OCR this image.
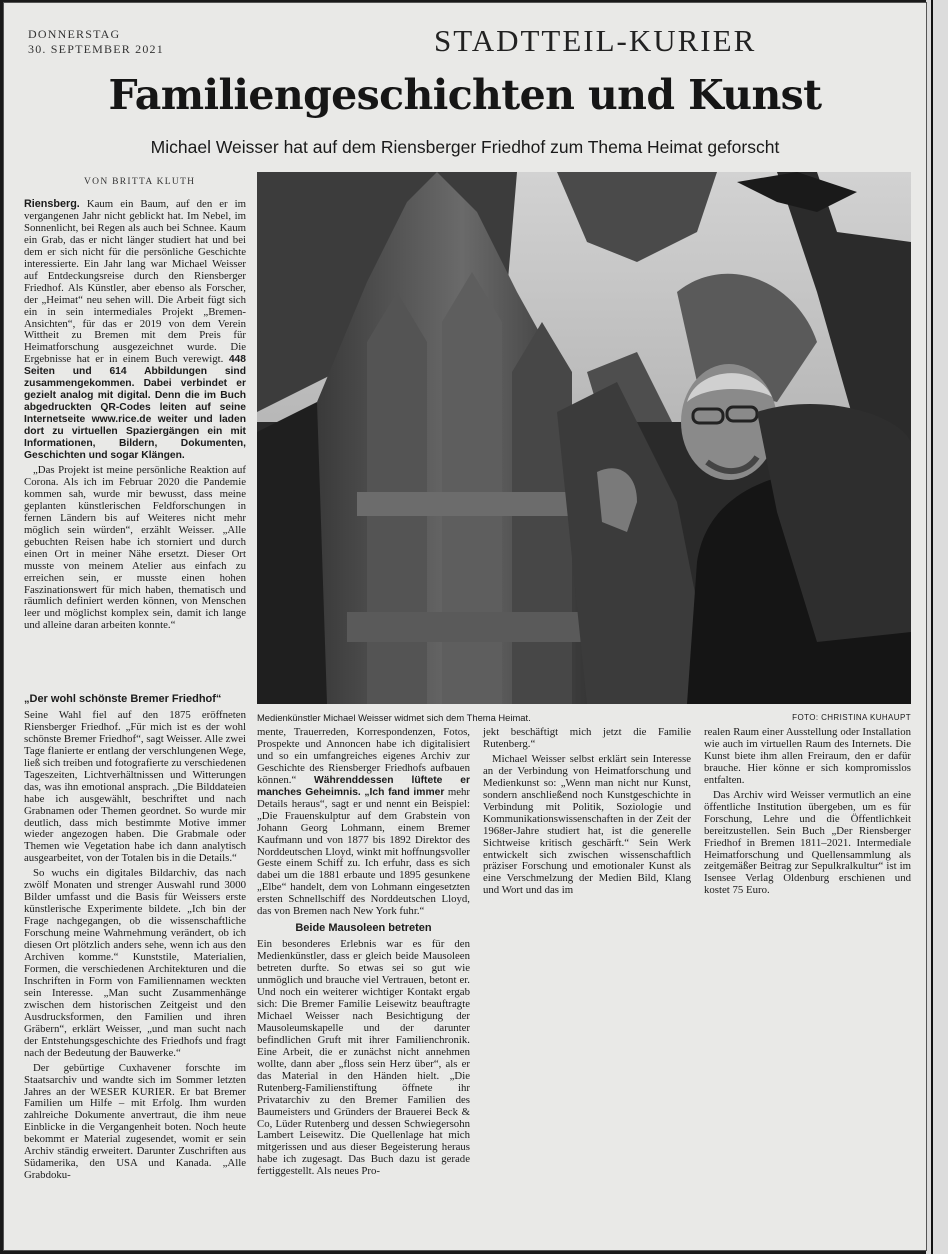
DONNERSTAG
30. SEPTEMBER 2021	STADTTEIL-KURIER
Familiengeschichten und Kunst
Michael Weisser hat auf dem Riensberger Friedhof zum Thema Heimat geforscht
VON BRITTA KLUTH

Riensberg. Kaum ein Baum, auf den er im vergangenen Jahr nicht geblickt hat. Im Nebel, im Sonnenlicht, bei Regen als auch bei Schnee. Kaum ein Grab, das er nicht länger studiert hat und bei dem er sich nicht für die persönliche Geschichte interessierte. Ein Jahr lang war Michael Weisser auf Entdeckungsreise durch den Riensberger Friedhof. Als Künstler, aber ebenso als Forscher, der „Heimat“ neu sehen will. Die Arbeit fügt sich ein in sein intermediales Projekt „Bremen-Ansichten“, für das er 2019 von dem Verein Wittheit zu Bremen mit dem Preis für Heimatforschung ausgezeichnet wurde. Die Ergebnisse hat er in einem Buch verewigt. 448 Seiten und 614 Abbildungen sind zusammengekommen. Dabei verbindet er gezielt analog mit digital. Denn die im Buch abgedruckten QR-Codes leiten auf seine Internetseite www.rice.de weiter und laden dort zu virtuellen Spaziergängen ein mit Informationen, Bildern, Dokumenten, Geschichten und sogar Klängen.

„Das Projekt ist meine persönliche Reaktion auf Corona. Als ich im Februar 2020 die Pandemie kommen sah, wurde mir bewusst, dass meine geplanten künstlerischen Feldforschungen in fernen Ländern bis auf Weiteres nicht mehr möglich sein würden“, erzählt Weisser. „Alle gebuchten Reisen habe ich storniert und durch einen Ort in meiner Nähe ersetzt. Dieser Ort musste von meinem Atelier aus einfach zu erreichen sein, er musste einen hohen Faszinationswert für mich haben, thematisch und räumlich definiert werden können, von Menschen leer und möglichst komplex sein, damit ich lange und alleine daran arbeiten konnte.“

„Der wohl schönste Bremer Friedhof“

Seine Wahl fiel auf den 1875 eröffneten Riensberger Friedhof. „Für mich ist es der wohl schönste Bremer Friedhof“, sagt Weisser. Alle zwei Tage flanierte er entlang der verschlungenen Wege, ließ sich treiben und fotografierte zu verschiedenen Tageszeiten, Lichtverhältnissen und Witterungen das, was ihn emotional ansprach. „Die Bilddateien habe ich ausgewählt, beschriftet und nach Grabnamen oder Themen geordnet. So wurde mir deutlich, dass mich bestimmte Motive immer wieder angezogen haben. Die Grabmale oder Themen wie Vegetation habe ich dann analytisch ausgearbeitet, von der Totalen bis in die Details.“

So wuchs ein digitales Bildarchiv, das nach zwölf Monaten und strenger Auswahl rund 3000 Bilder umfasst und die Basis für Weissers erste künstlerische Experimente bildete. „Ich bin der Frage nachgegangen, ob die wissenschaftliche Forschung meine Wahrnehmung verändert, ob ich diesen Ort plötzlich anders sehe, wenn ich aus den Archiven komme.“ Kunststile, Materialien, Formen, die verschiedenen Architekturen und die Inschriften in Form von Familiennamen weckten sein Interesse. „Man sucht Zusammenhänge zwischen dem historischen Zeitgeist und den Ausdrucksformen, den Familien und ihren Gräbern“, erklärt Weisser, „und man sucht nach der Entstehungsgeschichte des Friedhofs und fragt nach der Bedeutung der Bauwerke.“

Der gebürtige Cuxhavener forschte im Staatsarchiv und wandte sich im Sommer letzten Jahres an der WESER KURIER. Er bat Bremer Familien um Hilfe – mit Erfolg. Ihm wurden zahlreiche Dokumente anvertraut, die ihm neue Einblicke in die Vergangenheit boten. Noch heute bekommt er Material zugesendet, womit er sein Archiv ständig erweitert. Darunter Zuschriften aus Südamerika, den USA und Kanada. „Alle Grabdoku-

Medienkünstler Michael Weisser widmet sich dem Thema Heimat.	FOTO: CHRISTINA KUHAUPT

mente, Trauerreden, Korrespondenzen, Fotos, Prospekte und Annoncen habe ich digitalisiert und so ein umfangreiches eigenes Archiv zur Geschichte des Riensberger Friedhofs aufbauen können.“ Währenddessen lüftete er manches Geheimnis. „Ich fand immer mehr Details heraus“, sagt er und nennt ein Beispiel: „Die Frauenskulptur auf dem Grabstein von Johann Georg Lohmann, einem Bremer Kaufmann und von 1877 bis 1892 Direktor des Norddeutschen Lloyd, winkt mit hoffnungsvoller Geste einem Schiff zu. Ich erfuhr, dass es sich dabei um die 1881 erbaute und 1895 gesunkene „Elbe“ handelt, dem von Lohmann eingesetzten ersten Schnellschiff des Norddeutschen Lloyd, das von Bremen nach New York fuhr.“

Beide Mausoleen betreten

Ein besonderes Erlebnis war es für den Medienkünstler, dass er gleich beide Mausoleen betreten durfte. So etwas sei so gut wie unmöglich und brauche viel Vertrauen, betont er. Und noch ein weiterer wichtiger Kontakt ergab sich: Die Bremer Familie Leisewitz beauftragte Michael Weisser nach Besichtigung der Mausoleumskapelle und der darunter befindlichen Gruft mit ihrer Familienchronik. Eine Arbeit, die er zunächst nicht annehmen wollte, dann aber „floss sein Herz über“, als er das Material in den Händen hielt. „Die Rutenberg-Familienstiftung öffnete ihr Privatarchiv zu den Bremer Familien des Baumeisters und Gründers der Brauerei Beck & Co, Lüder Rutenberg und dessen Schwiegersohn Lambert Leisewitz. Die Quellenlage hat mich mitgerissen und aus dieser Begeisterung heraus habe ich zugesagt. Das Buch dazu ist gerade fertiggestellt. Als neues Pro-

jekt beschäftigt mich jetzt die Familie Rutenberg.“

Michael Weisser selbst erklärt sein Interesse an der Verbindung von Heimatforschung und Medienkunst so: „Wenn man nicht nur Kunst, sondern anschließend noch Kunstgeschichte in Verbindung mit Politik, Soziologie und Kommunikationswissenschaften in der Zeit der 1968er-Jahre studiert hat, ist die generelle Sichtweise kritisch geschärft.“ Sein Werk entwickelt sich zwischen wissenschaftlich präziser Forschung und emotionaler Kunst als eine Verschmelzung der Medien Bild, Klang und Wort und das im

realen Raum einer Ausstellung oder Installation wie auch im virtuellen Raum des Internets. Die Kunst biete ihm allen Freiraum, den er dafür brauche. Hier könne er sich kompromisslos entfalten.

Das Archiv wird Weisser vermutlich an eine öffentliche Institution übergeben, um es für Forschung, Lehre und die Öffentlichkeit bereitzustellen. Sein Buch „Der Riensberger Friedhof in Bremen 1811–2021. Intermediale Heimatforschung und Quellensammlung als zeitgemäßer Beitrag zur Sepulkralkultur“ ist im Isensee Verlag Oldenburg erschienen und kostet 75 Euro.
